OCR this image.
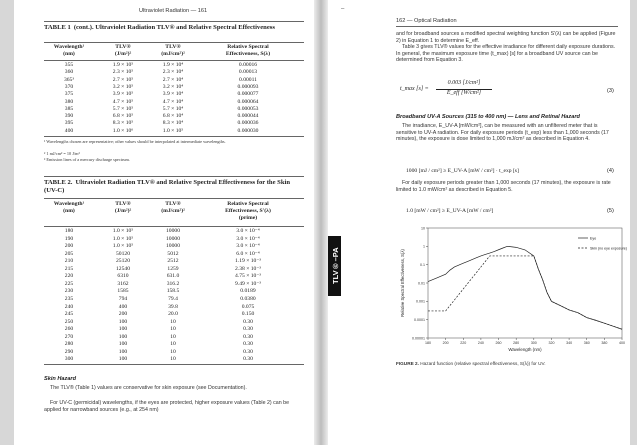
Ultraviolet Radiation — 161
TABLE 1 (cont.). Ultraviolet Radiation TLV® and Relative Spectral Effectiveness
Wavelength¹
(nm)
TLV®
(J/m²)²
TLV®
(mJ/cm²)²
Relative Spectral
Effectiveness, S(λ)
355	1.9 × 10⁵	1.9 × 10⁴	0.00016
360	2.3 × 10⁵	2.3 × 10⁴	0.00013
365³	2.7 × 10⁵	2.7 × 10⁴	0.00011
370	3.2 × 10⁵	3.2 × 10⁴	0.000093
375	3.9 × 10⁵	3.9 × 10⁴	0.000077
380	4.7 × 10⁵	4.7 × 10⁴	0.000064
385	5.7 × 10⁵	5.7 × 10⁴	0.000053
390	6.8 × 10⁵	6.8 × 10⁴	0.000044
395	8.3 × 10⁵	8.3 × 10⁴	0.000036
400	1.0 × 10⁶	1.0 × 10⁵	0.000030
¹ Wavelengths chosen are representative; other values should be interpolated at intermediate wavelengths.
² 1 mJ/cm² = 10 J/m²
³ Emission lines of a mercury discharge spectrum.
TABLE 2. Ultraviolet Radiation TLV® and Relative Spectral Effectiveness for the Skin (UV-C)
Wavelength¹
(nm)
TLV®
(J/m²)²
TLV®
(mJ/cm²)²
Relative Spectral
Effectiveness, S'(λ)
(prime)
180	1.0 × 10⁵	10000	3.0 × 10⁻⁴
190	1.0 × 10⁵	10000	3.0 × 10⁻⁴
200	1.0 × 10⁵	10000	3.0 × 10⁻⁴
205	50120	5012	6.0 × 10⁻⁴
210	25120	2512	1.19 × 10⁻³
215	12540	1259	2.38 × 10⁻³
220	6310	631.0	4.75 × 10⁻³
225	3162	316.2	9.49 × 10⁻³
230	1585	158.5	0.0189
235	794	79.4	0.0380
240	400	39.8	0.075
245	200	20.0	0.150
250	100	10	0.30
260	100	10	0.30
270	100	10	0.30
280	100	10	0.30
290	100	10	0.30
300	100	10	0.30
Skin Hazard
The TLV® (Table 1) values are conservative for skin exposure (see Documentation).
For UV-C (germicidal) wavelengths, if the eyes are protected, higher exposure values (Table 2) can be applied for narrowband sources (e.g., at 254 nm)
TLV®–PA
162 — Optical Radiation
and for broadband sources a modified spectral weighting function S'(λ) can be applied (Figure 2) in Equation 1 to determine E_eff.
Table 3 gives TLV® values for the effective irradiance for different daily exposure durations. In general, the maximum exposure time (t_max) [s] for a broadband UV source can be determined from Equation 3.
t_max [s] =
0.003 [J/cm²]
E_eff [W/cm²]	(3)
Broadband UV-A Sources (315 to 400 nm) — Lens and Retinal Hazard
The irradiance, E_UV-A [mW/cm²], can be measured with an unfiltered meter that is sensitive to UV-A radiation. For daily exposure periods (t_exp) less than 1,000 seconds (17 minutes), the exposure is dose limited to 1,000 mJ/cm² as described in Equation 4.
1000 [mJ / cm²] ≥ E_UV-A [mW / cm²] · t_exp [s]	(4)
For daily exposure periods greater than 1,000 seconds (17 minutes), the exposure is rate limited to 1.0 mW/cm² as described in Equation 5.
1.0 [mW / cm²] ≥ E_UV-A [mW / cm²]	(5)
0.00001
0.0001
0.001
0.01
0.1
1
10
180	200	220	240	260	280	300	320	340	360	380	400
Wavelength (nm)
Relative Spectral Effectiveness, S(λ)
Eye
Skin (no eye exposure)
FIGURE 2. Hazard function (relative spectral effectiveness, S(λ)) for UV.
–
